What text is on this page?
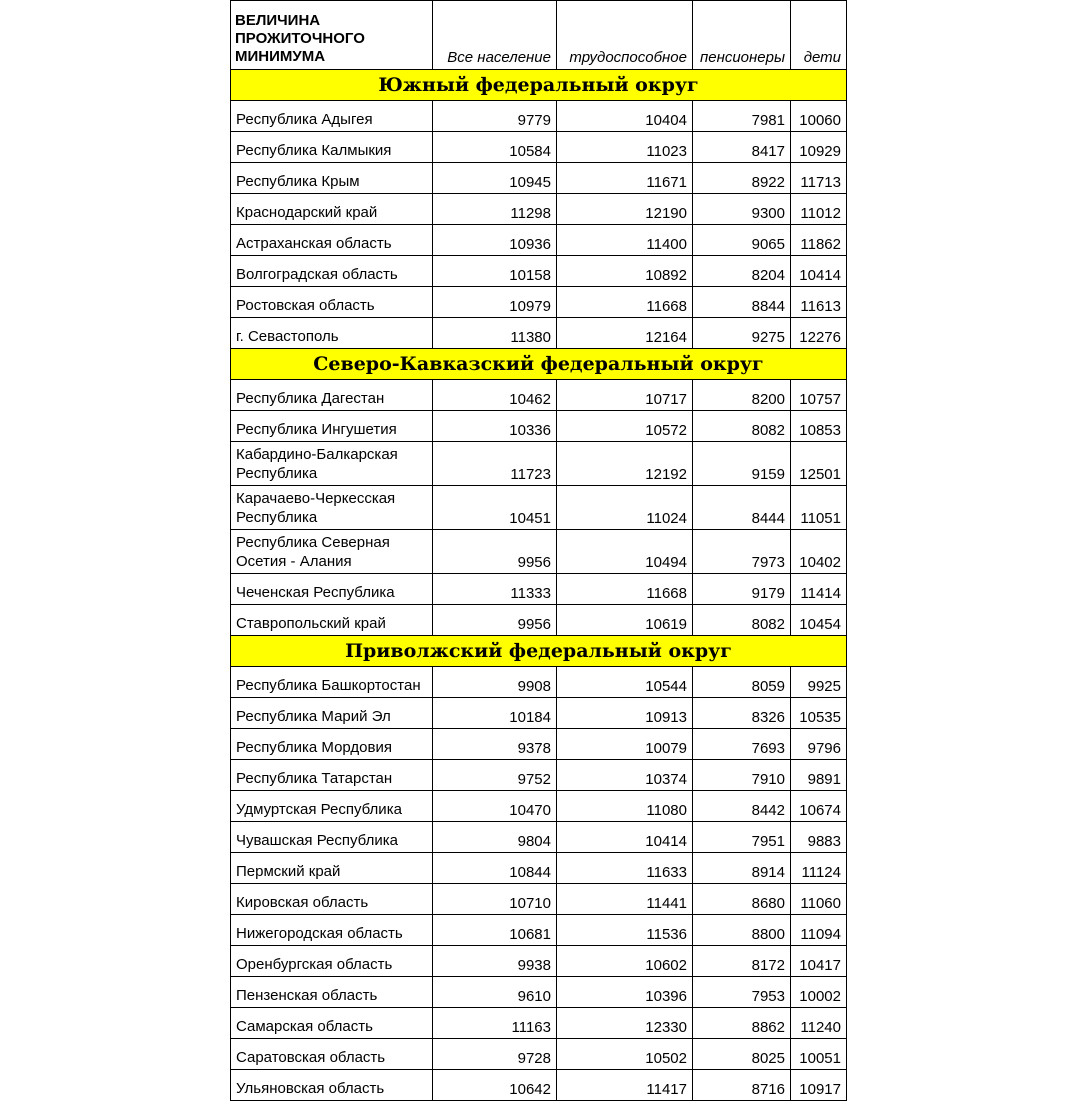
ВЕЛИЧИНА ПРОЖИТОЧНОГО МИНИМУМА	Все население	трудоспособное	пенсионеры	дети
Южный федеральный округ				
Республика Адыгея	9779	10404	7981	10060
Республика Калмыкия	10584	11023	8417	10929
Республика Крым	10945	11671	8922	11713
Краснодарский край	11298	12190	9300	11012
Астраханская область	10936	11400	9065	11862
Волгоградская область	10158	10892	8204	10414
Ростовская область	10979	11668	8844	11613
г. Севастополь	11380	12164	9275	12276
Северо-Кавказский федеральный округ				
Республика Дагестан	10462	10717	8200	10757
Республика Ингушетия	10336	10572	8082	10853
Кабардино-Балкарская Республика	11723	12192	9159	12501
Карачаево-Черкесская Республика	10451	11024	8444	11051
Республика Северная Осетия - Алания	9956	10494	7973	10402
Чеченская Республика	11333	11668	9179	11414
Ставропольский край	9956	10619	8082	10454
Приволжский федеральный округ				
Республика Башкортостан	9908	10544	8059	9925
Республика Марий Эл	10184	10913	8326	10535
Республика Мордовия	9378	10079	7693	9796
Республика Татарстан	9752	10374	7910	9891
Удмуртская Республика	10470	11080	8442	10674
Чувашская Республика	9804	10414	7951	9883
Пермский край	10844	11633	8914	11124
Кировская область	10710	11441	8680	11060
Нижегородская область	10681	11536	8800	11094
Оренбургская область	9938	10602	8172	10417
Пензенская область	9610	10396	7953	10002
Самарская область	11163	12330	8862	11240
Саратовская область	9728	10502	8025	10051
Ульяновская область	10642	11417	8716	10917
